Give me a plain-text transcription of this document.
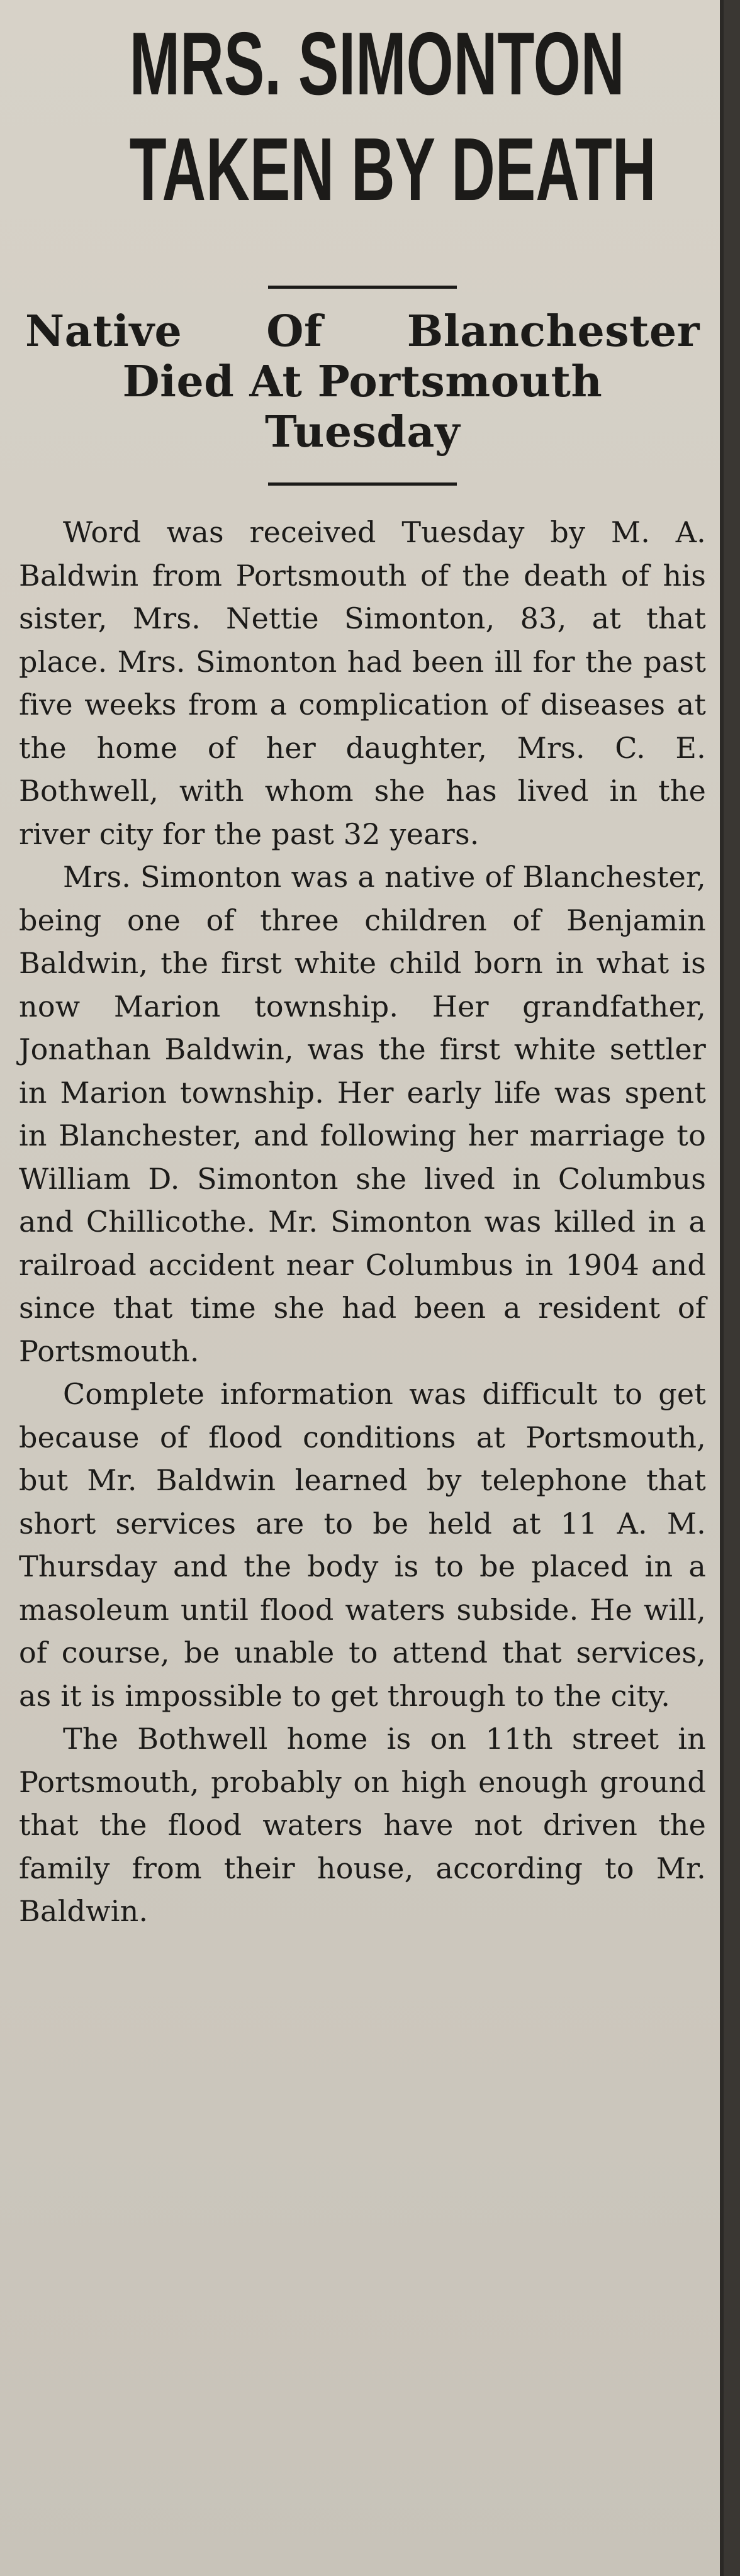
MRS. SIMONTON
TAKEN BY DEATH
Native Of Blanchester
Died At Portsmouth
Tuesday

Word was received Tuesday by M. A. Baldwin from Portsmouth of the death of his sister, Mrs. Nettie Simonton, 83, at that place. Mrs. Simonton had been ill for the past five weeks from a complication of diseases at the home of her daughter, Mrs. C. E. Bothwell, with whom she has lived in the river city for the past 32 years.

Mrs. Simonton was a native of Blanchester, being one of three children of Benjamin Baldwin, the first white child born in what is now Marion township. Her grandfather, Jonathan Baldwin, was the first white settler in Marion township. Her early life was spent in Blanchester, and following her marriage to William D. Simonton she lived in Columbus and Chillicothe. Mr. Simonton was killed in a railroad accident near Columbus in 1904 and since that time she had been a resident of Portsmouth.

Complete information was difficult to get because of flood conditions at Portsmouth, but Mr. Baldwin learned by telephone that short services are to be held at 11 A. M. Thursday and the body is to be placed in a masoleum until flood waters subside. He will, of course, be unable to attend that services, as it is impossible to get through to the city.

The Bothwell home is on 11th street in Portsmouth, probably on high enough ground that the flood waters have not driven the family from their house, according to Mr. Baldwin.
